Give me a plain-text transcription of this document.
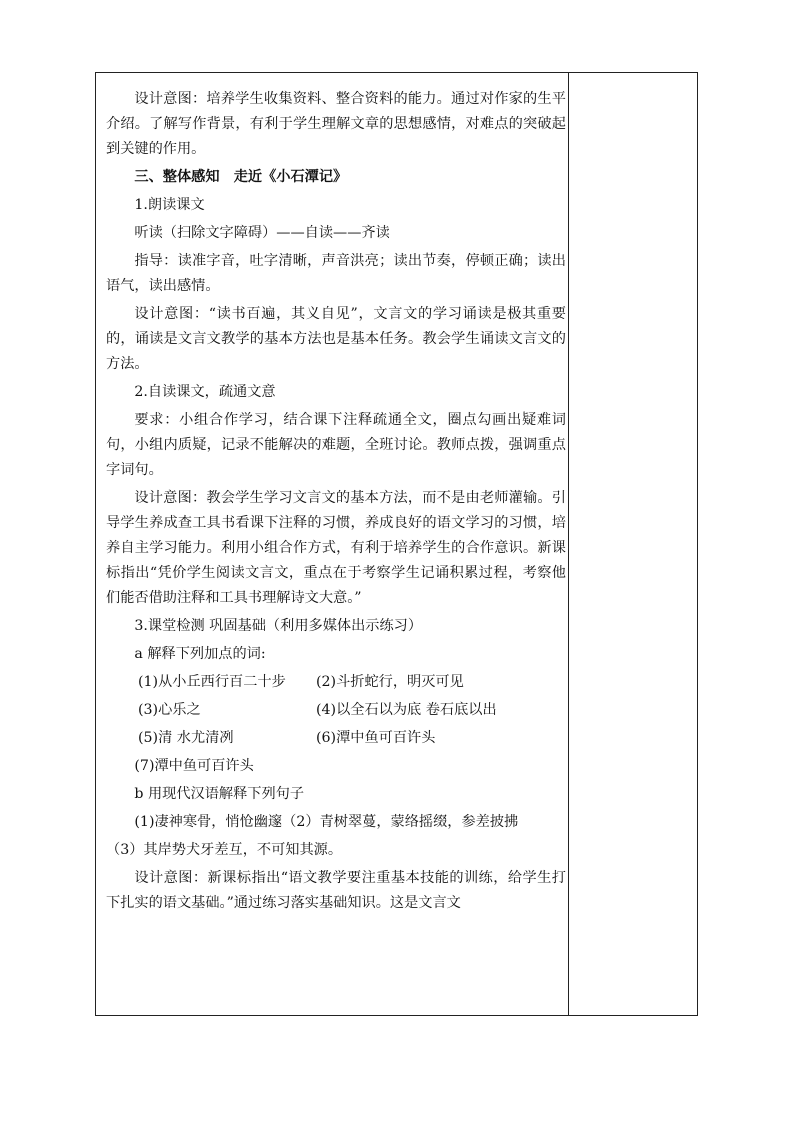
设计意图：培养学生收集资料、整合资料的能力。通过对作家的生平介绍。了解写作背景，有利于学生理解文章的思想感情，对难点的突破起到关键的作用。

三、整体感知　走近《小石潭记》

1.朗读课文

听读（扫除文字障碍）——自读——齐读

指导：读准字音，吐字清晰，声音洪亮；读出节奏，停顿正确；读出语气，读出感情。

设计意图：“读书百遍，其义自见”，文言文的学习诵读是极其重要的，诵读是文言文教学的基本方法也是基本任务。教会学生诵读文言文的方法。

2.自读课文，疏通文意

要求：小组合作学习，结合课下注释疏通全文，圈点勾画出疑难词句，小组内质疑，记录不能解决的难题，全班讨论。教师点拨，强调重点字词句。

设计意图：教会学生学习文言文的基本方法，而不是由老师灌输。引导学生养成查工具书看课下注释的习惯，养成良好的语文学习的习惯，培养自主学习能力。利用小组合作方式，有利于培养学生的合作意识。新课标指出“凭价学生阅读文言文，重点在于考察学生记诵积累过程，考察他们能否借助注释和工具书理解诗文大意。”

3.课堂检测 巩固基础（利用多媒体出示练习）

a 解释下列加点的词:

(1)从小丘西行百二十步	(2)斗折蛇行，明灭可见
(3)心乐之	(4)以全石以为底 卷石底以出
(5)清 水尤清冽	(6)潭中鱼可百许头

(7)潭中鱼可百许头

b 用现代汉语解释下列句子

(1)凄神寒骨，悄怆幽邃（2）青树翠蔓，蒙络摇缀，参差披拂

（3）其岸势犬牙差互，不可知其源。

设计意图：新课标指出“语文教学要注重基本技能的训练，给学生打下扎实的语文基础。”通过练习落实基础知识。这是文言文
